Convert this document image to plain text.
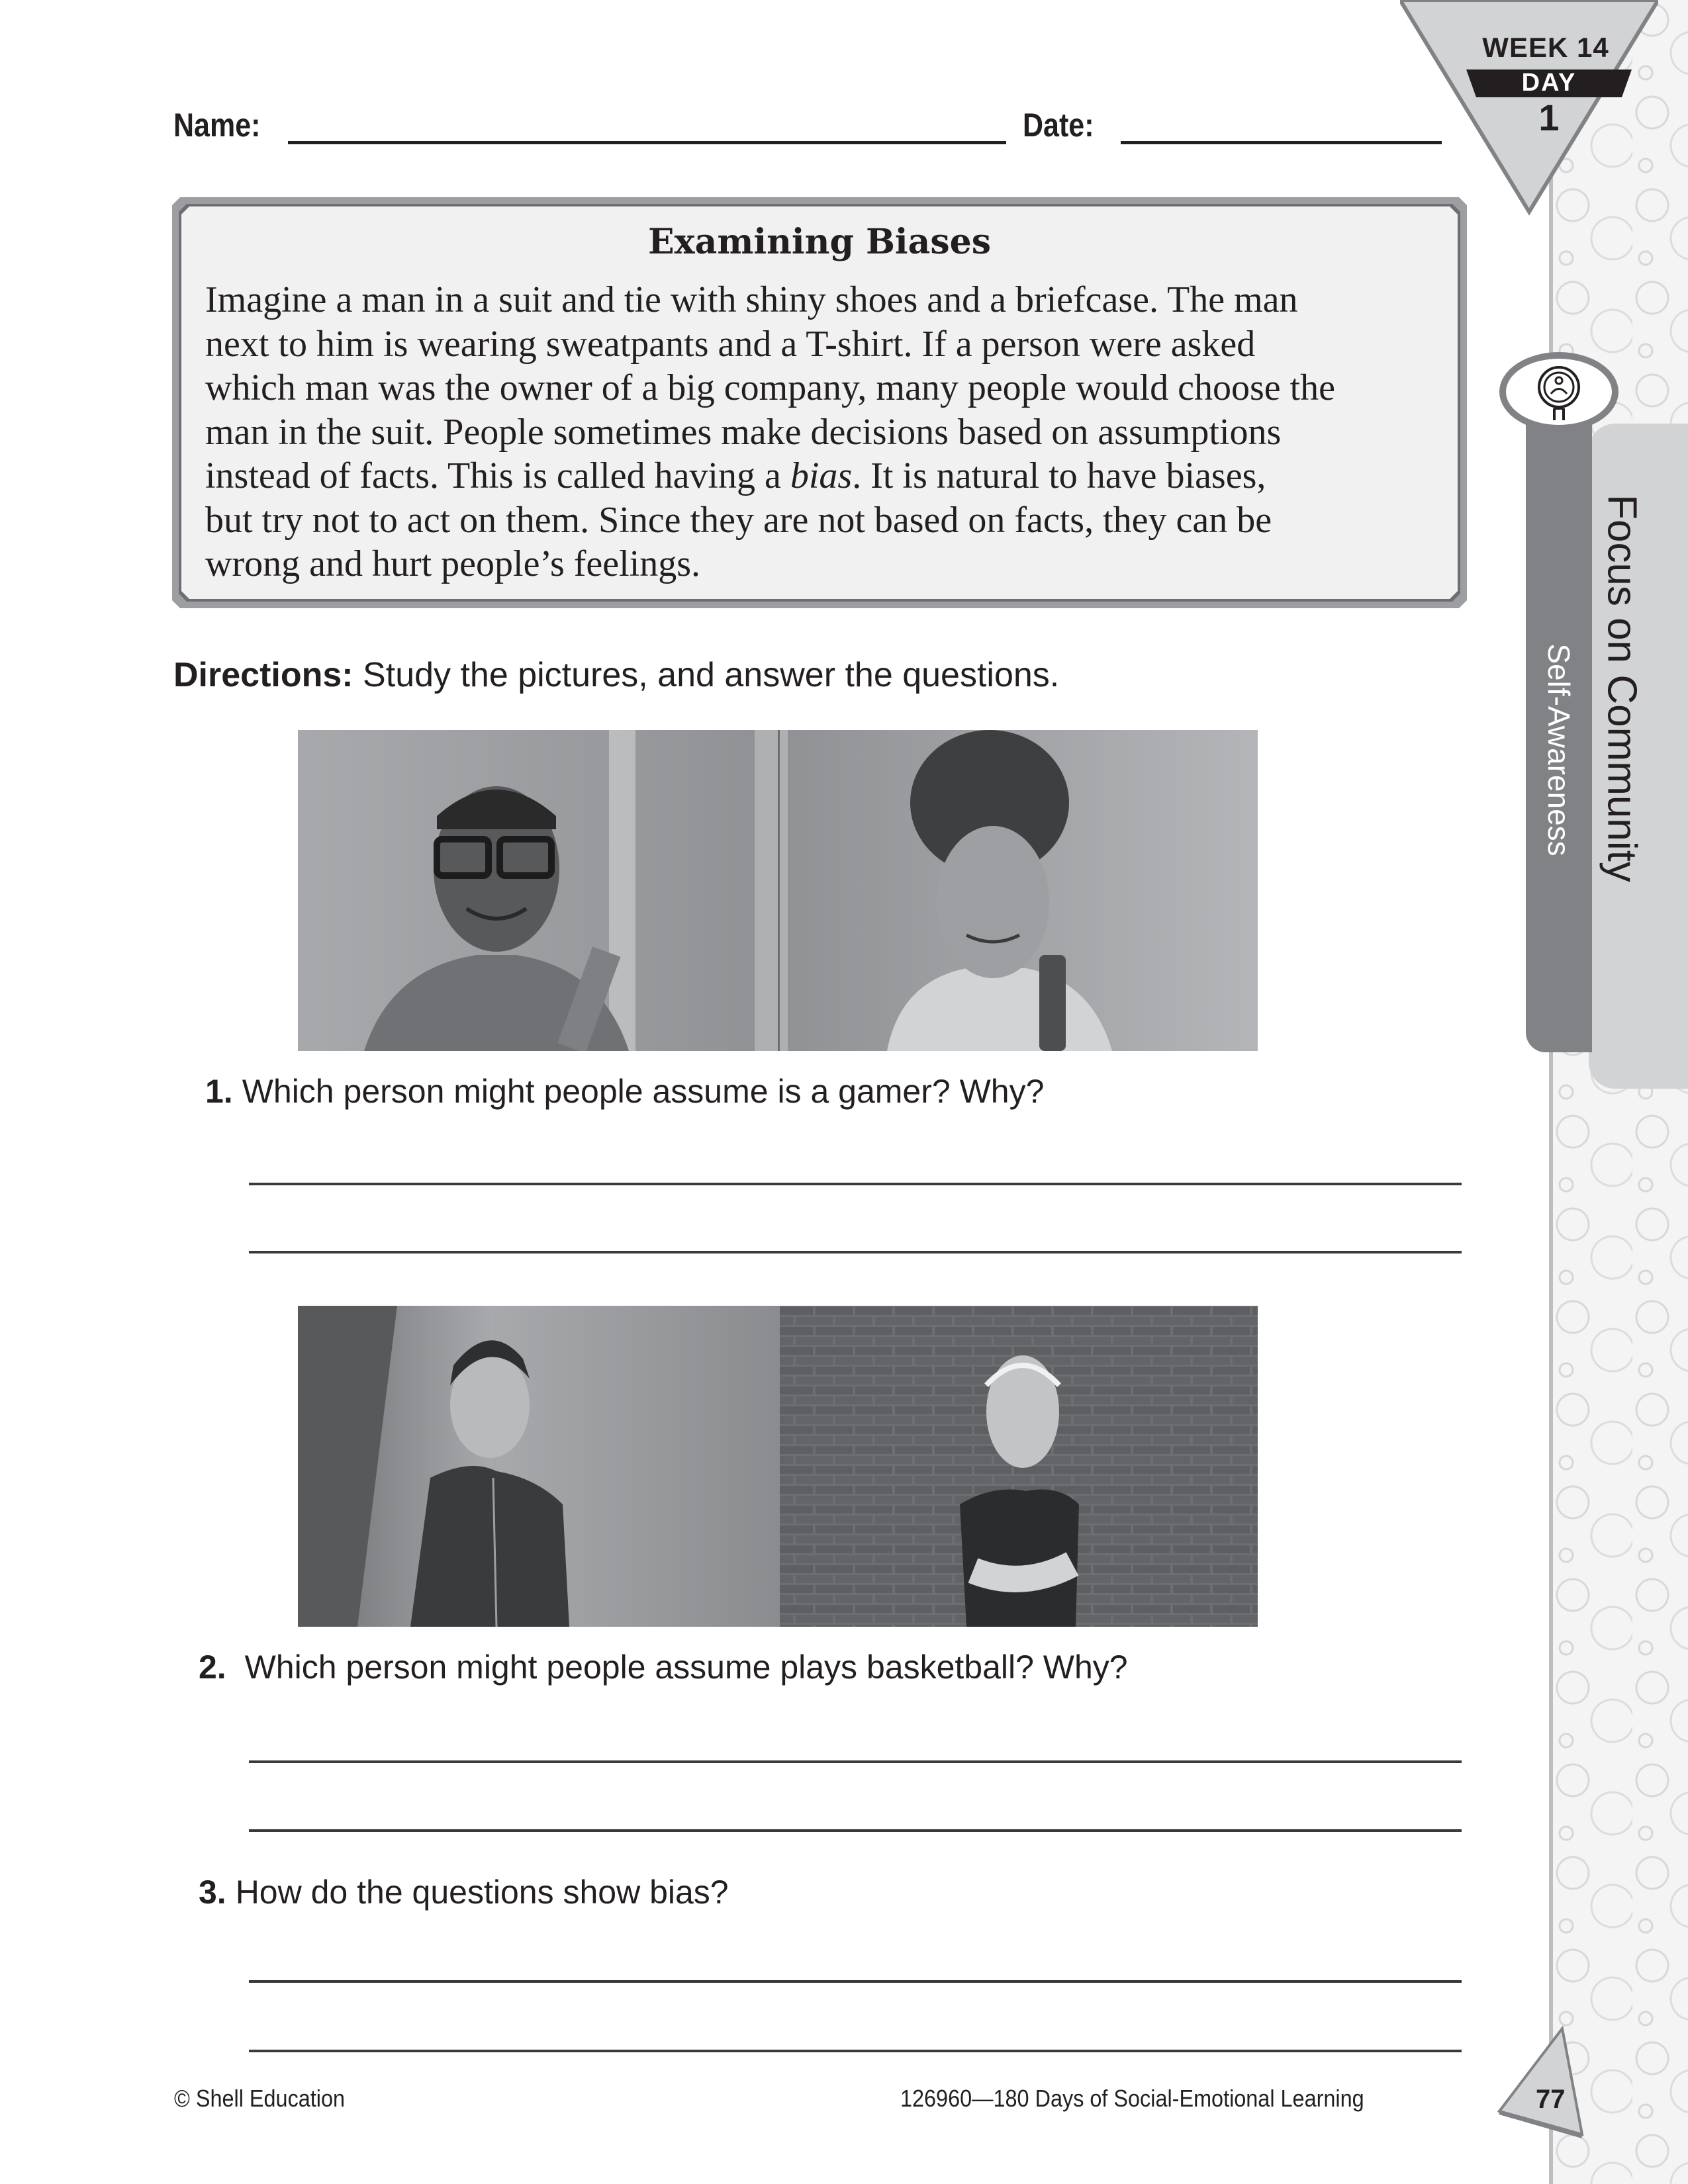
WEEK 14
DAY
1
Name:	Date:
Examining Biases
Imagine a man in a suit and tie with shiny shoes and a briefcase. The man
next to him is wearing sweatpants and a T-shirt. If a person were asked
which man was the owner of a big company, many people would choose the
man in the suit. People sometimes make decisions based on assumptions
instead of facts. This is called having a bias. It is natural to have biases,
but try not to act on them. Since they are not based on facts, they can be
wrong and hurt people’s feelings.
Directions: Study the pictures, and answer the questions.
1. Which person might people assume is a gamer? Why?
2. Which person might people assume plays basketball? Why?
3. How do the questions show bias?
Focus on Community
Self-Awareness
© Shell Education	126960—180 Days of Social-Emotional Learning	77
